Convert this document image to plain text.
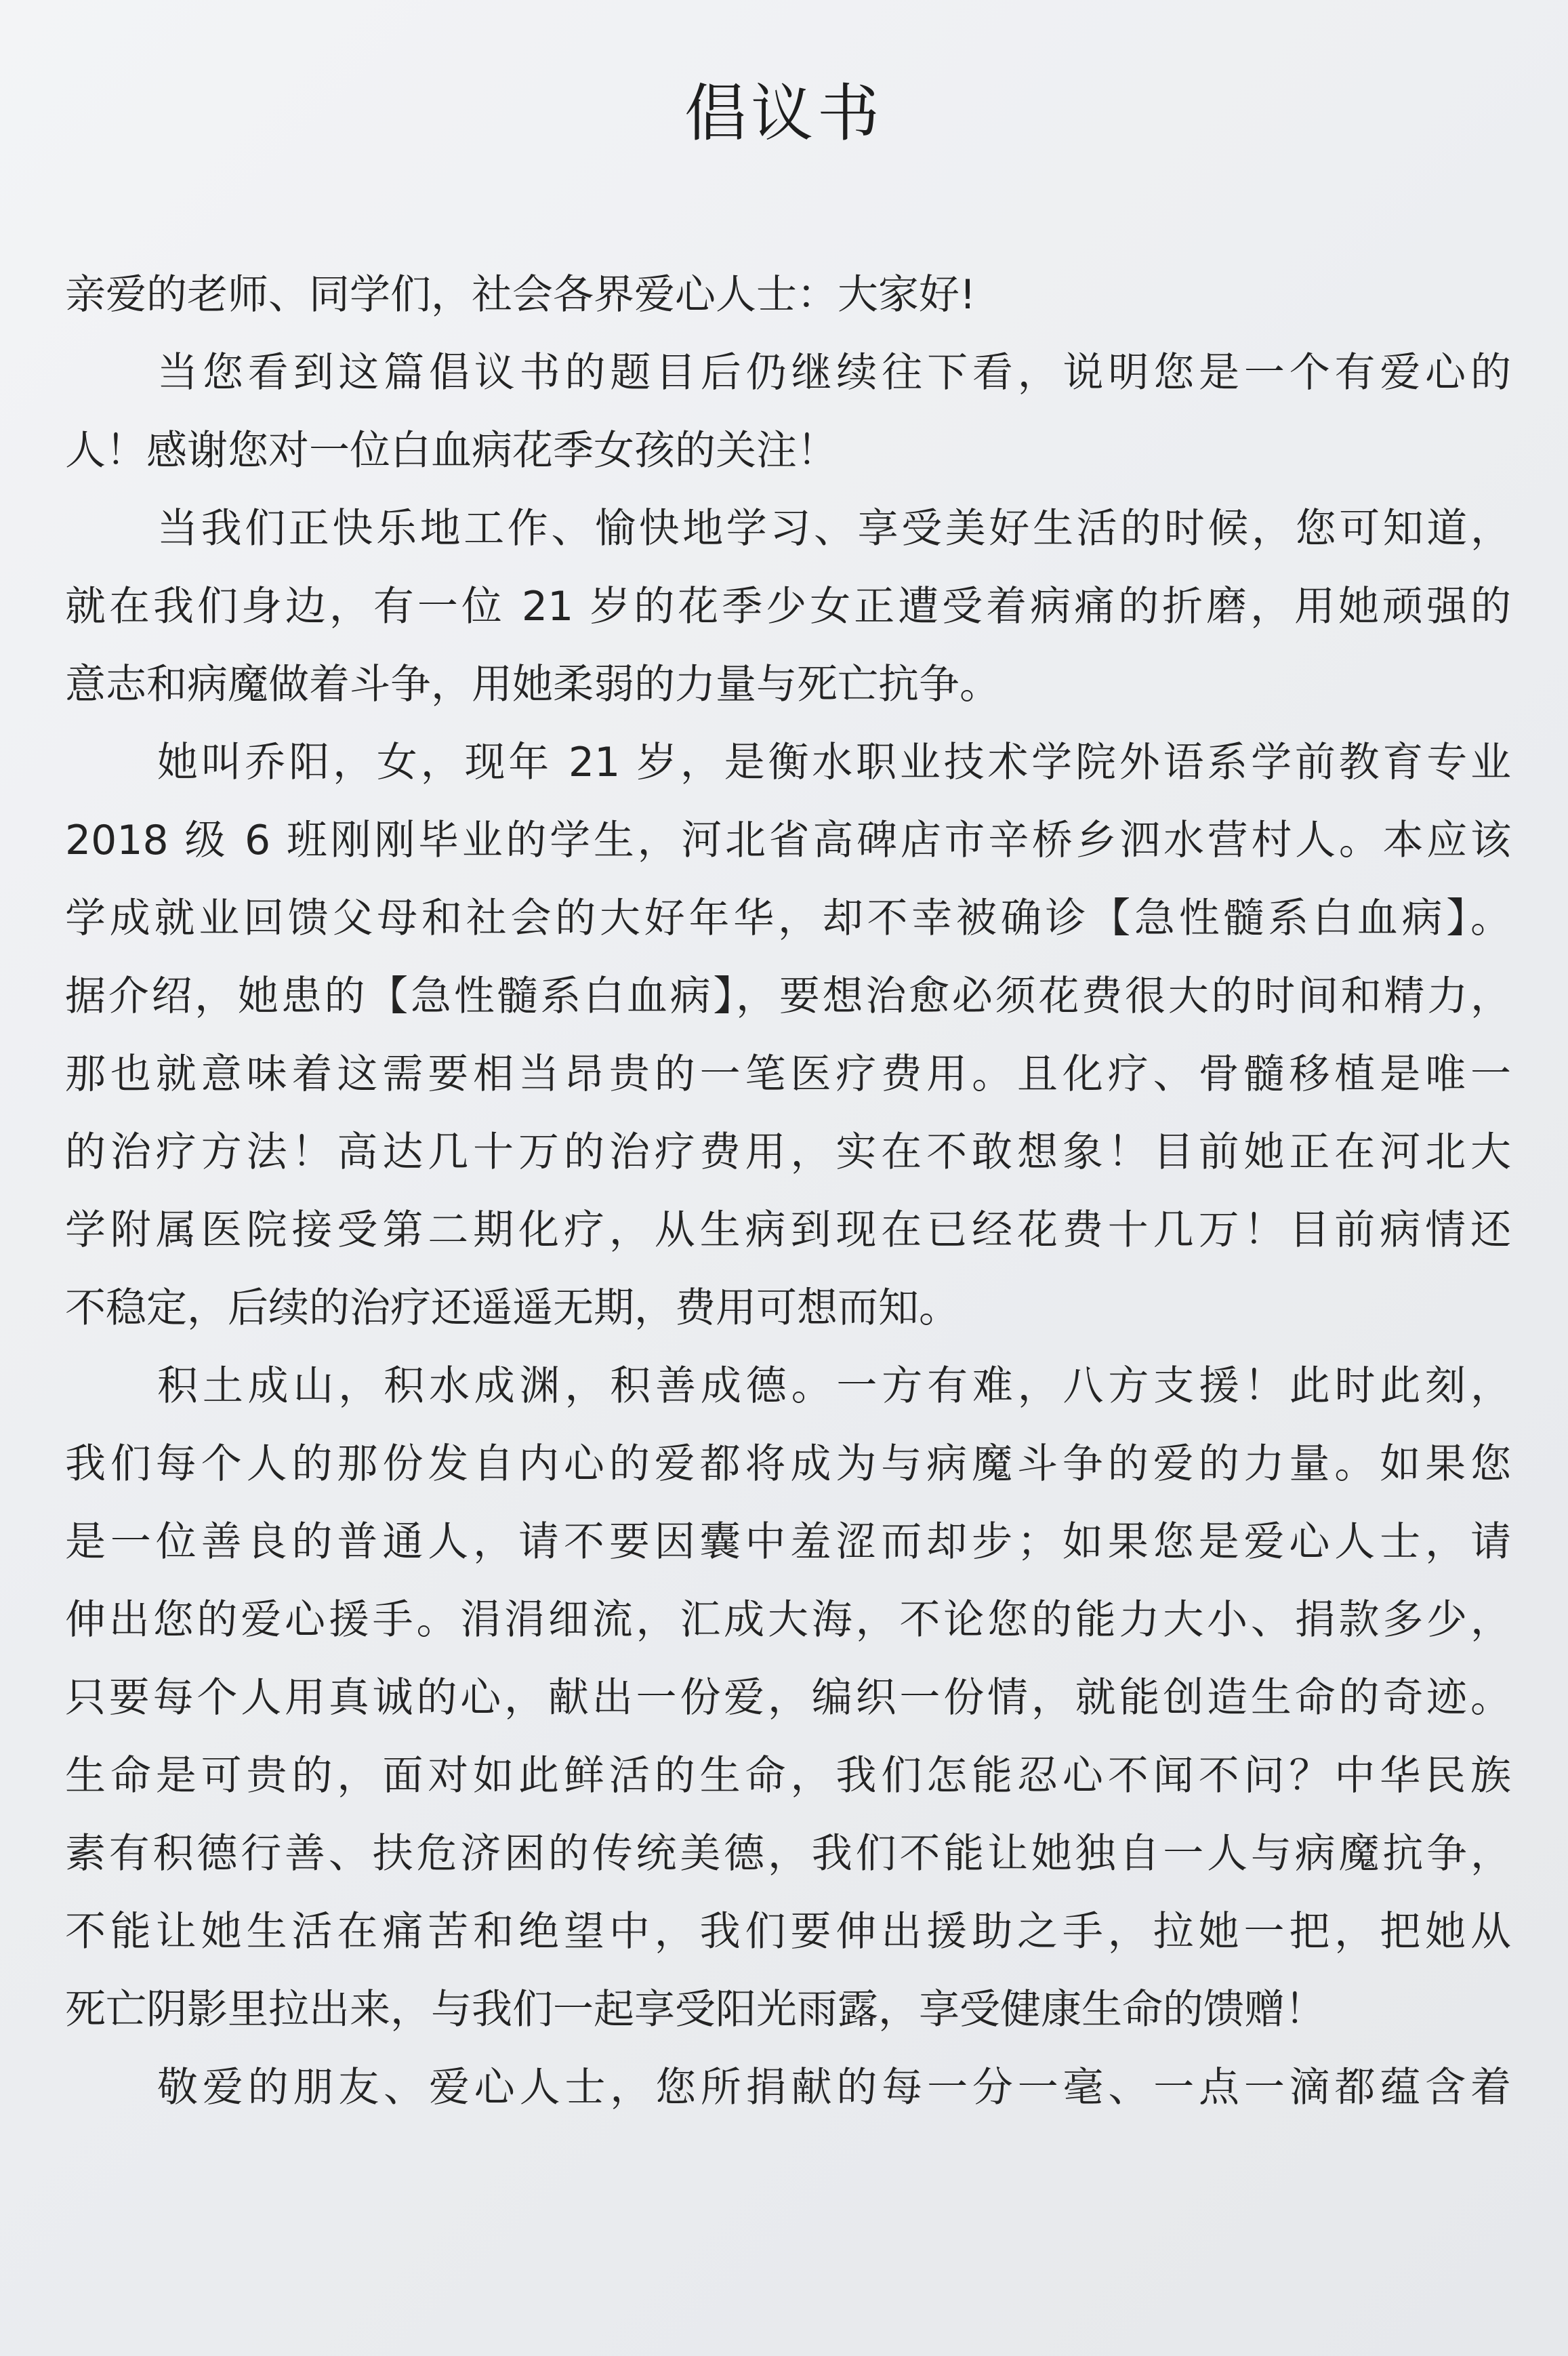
倡议书
亲爱的老师、同学们，社会各界爱心人士：大家好!
当您看到这篇倡议书的题目后仍继续往下看，说明您是一个有爱心的
人！感谢您对一位白血病花季女孩的关注！
当我们正快乐地工作、愉快地学习、享受美好生活的时候，您可知道，
就在我们身边，有一位 21 岁的花季少女正遭受着病痛的折磨，用她顽强的
意志和病魔做着斗争，用她柔弱的力量与死亡抗争。
她叫乔阳，女，现年 21 岁，是衡水职业技术学院外语系学前教育专业
2018 级 6 班刚刚毕业的学生，河北省高碑店市辛桥乡泗水营村人。本应该
学成就业回馈父母和社会的大好年华，却不幸被确诊【急性髓系白血病】。
据介绍，她患的【急性髓系白血病】，要想治愈必须花费很大的时间和精力，
那也就意味着这需要相当昂贵的一笔医疗费用。且化疗、骨髓移植是唯一
的治疗方法！高达几十万的治疗费用，实在不敢想象！目前她正在河北大
学附属医院接受第二期化疗，从生病到现在已经花费十几万！目前病情还
不稳定，后续的治疗还遥遥无期，费用可想而知。
积土成山，积水成渊，积善成德。一方有难，八方支援！此时此刻，
我们每个人的那份发自内心的爱都将成为与病魔斗争的爱的力量。如果您
是一位善良的普通人，请不要因囊中羞涩而却步；如果您是爱心人士，请
伸出您的爱心援手。涓涓细流，汇成大海，不论您的能力大小、捐款多少，
只要每个人用真诚的心，献出一份爱，编织一份情，就能创造生命的奇迹。
生命是可贵的，面对如此鲜活的生命，我们怎能忍心不闻不问？中华民族
素有积德行善、扶危济困的传统美德，我们不能让她独自一人与病魔抗争，
不能让她生活在痛苦和绝望中，我们要伸出援助之手，拉她一把，把她从
死亡阴影里拉出来，与我们一起享受阳光雨露，享受健康生命的馈赠！
敬爱的朋友、爱心人士，您所捐献的每一分一毫、一点一滴都蕴含着
